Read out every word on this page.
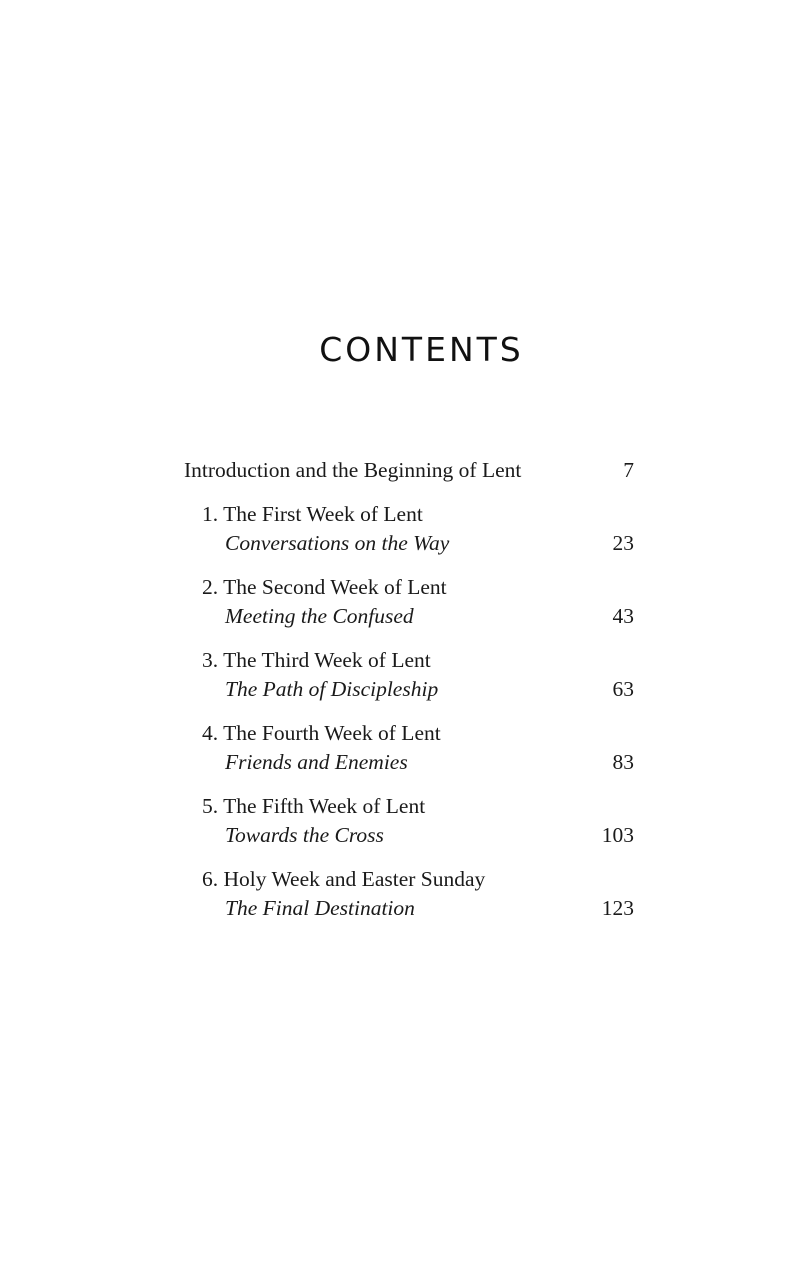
CONTENTS
Introduction and the Beginning of Lent	7
1. The First Week of Lent
Conversations on the Way	23
2. The Second Week of Lent
Meeting the Confused	43
3. The Third Week of Lent
The Path of Discipleship	63
4. The Fourth Week of Lent
Friends and Enemies	83
5. The Fifth Week of Lent
Towards the Cross	103
6. Holy Week and Easter Sunday
The Final Destination	123
